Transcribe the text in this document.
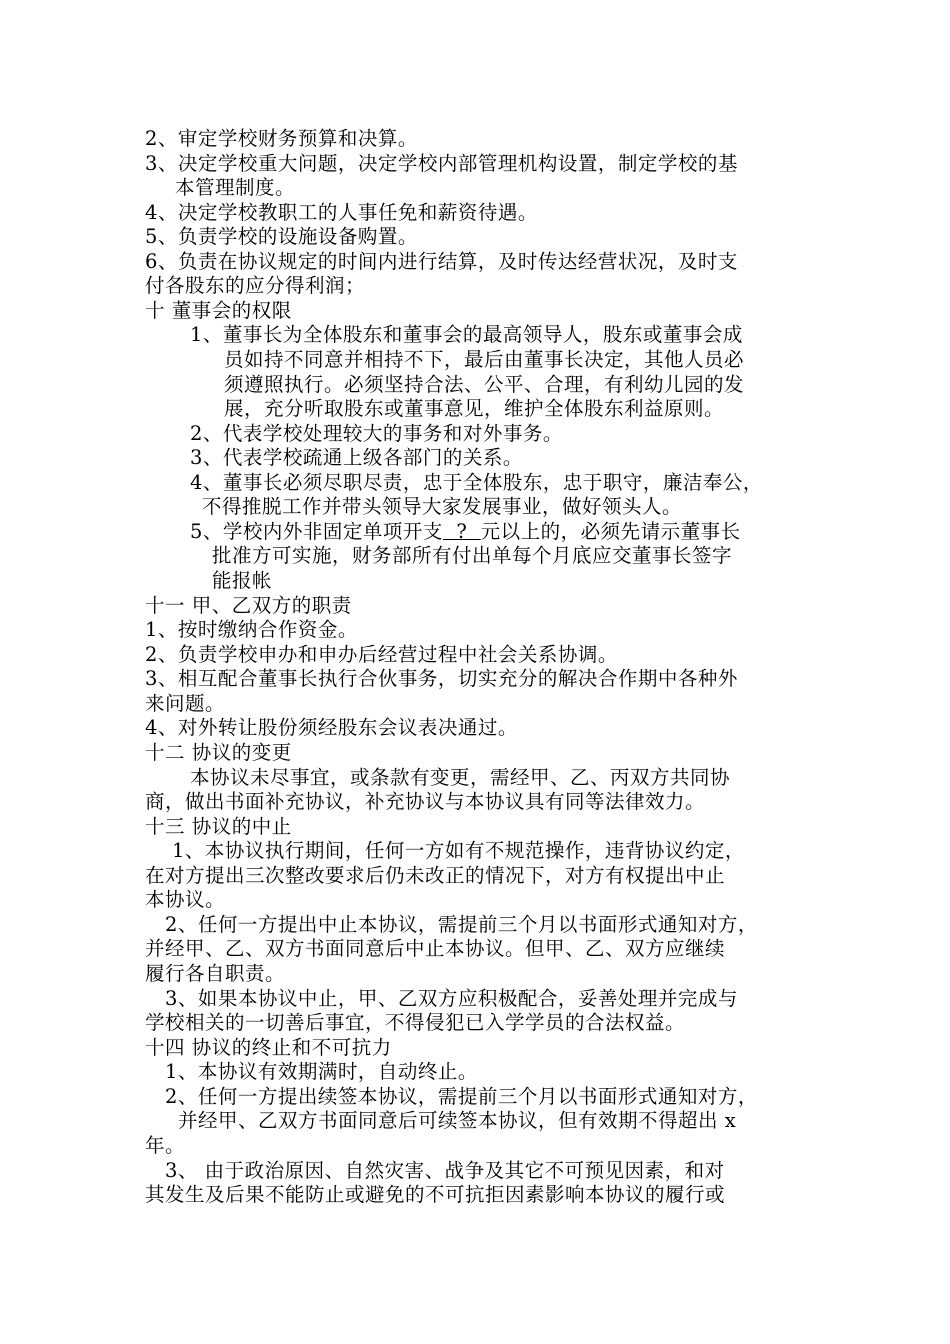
2、审定学校财务预算和决算。
3、决定学校重大问题，决定学校内部管理机构设置，制定学校的基
本管理制度。
4、决定学校教职工的人事任免和薪资待遇。
5、负责学校的设施设备购置。
6、负责在协议规定的时间内进行结算，及时传达经营状况，及时支
付各股东的应分得利润；
十 董事会的权限
1、董事长为全体股东和董事会的最高领导人，股东或董事会成
员如持不同意并相持不下，最后由董事长决定，其他人员必
须遵照执行。必须坚持合法、公平、合理，有利幼儿园的发
展，充分听取股东或董事意见，维护全体股东利益原则。
2、代表学校处理较大的事务和对外事务。
3、代表学校疏通上级各部门的关系。
4、董事长必须尽职尽责，忠于全体股东，忠于职守，廉洁奉公，
不得推脱工作并带头领导大家发展事业，做好领头人。
5、学校内外非固定单项开支  ?  元以上的，必须先请示董事长
批准方可实施，财务部所有付出单每个月底应交董事长签字
能报帐
十一 甲、乙双方的职责
1、按时缴纳合作资金。
2、负责学校申办和申办后经营过程中社会关系协调。
3、相互配合董事长执行合伙事务，切实充分的解决合作期中各种外
来问题。
4、对外转让股份须经股东会议表决通过。
十二 协议的变更
本协议未尽事宜，或条款有变更，需经甲、乙、丙双方共同协
商，做出书面补充协议，补充协议与本协议具有同等法律效力。
十三 协议的中止
1、本协议执行期间，任何一方如有不规范操作，违背协议约定，
在对方提出三次整改要求后仍未改正的情况下，对方有权提出中止
本协议。
2、任何一方提出中止本协议，需提前三个月以书面形式通知对方，
并经甲、乙、双方书面同意后中止本协议。但甲、乙、双方应继续
履行各自职责。
3、如果本协议中止，甲、乙双方应积极配合，妥善处理并完成与
学校相关的一切善后事宜，不得侵犯已入学学员的合法权益。
十四 协议的终止和不可抗力
1、本协议有效期满时，自动终止。
2、任何一方提出续签本协议，需提前三个月以书面形式通知对方，
并经甲、乙双方书面同意后可续签本协议，但有效期不得超出 x
年。
3、 由于政治原因、自然灾害、战争及其它不可预见因素，和对
其发生及后果不能防止或避免的不可抗拒因素影响本协议的履行或
